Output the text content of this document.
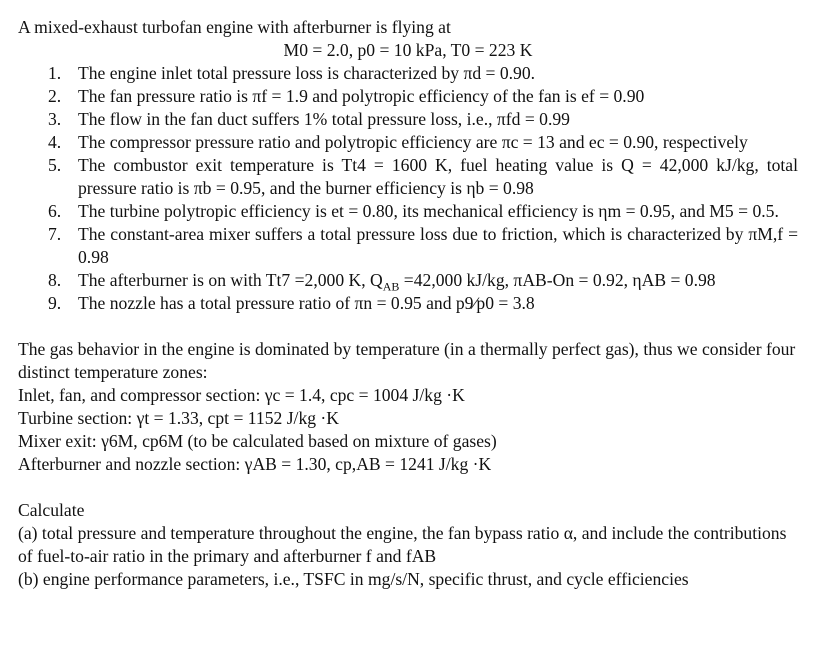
A mixed-exhaust turbofan engine with afterburner is flying at

M0 = 2.0, p0 = 10 kPa, T0 = 223 K

1. The engine inlet total pressure loss is characterized by πd = 0.90.
2. The fan pressure ratio is πf = 1.9 and polytropic efficiency of the fan is ef = 0.90
3. The flow in the fan duct suffers 1% total pressure loss, i.e., πfd = 0.99
4. The compressor pressure ratio and polytropic efficiency are πc = 13 and ec = 0.90, respectively
5. The combustor exit temperature is Tt4 = 1600 K, fuel heating value is Q = 42,000 kJ/kg, total pressure ratio is πb = 0.95, and the burner efficiency is ηb = 0.98
6. The turbine polytropic efficiency is et = 0.80, its mechanical efficiency is ηm = 0.95, and M5 = 0.5.
7. The constant-area mixer suffers a total pressure loss due to friction, which is characterized by πM,f = 0.98
8. The afterburner is on with Tt7 =2,000 K, $Q_{AB} =42,000$ kJ/kg, πAB-On = 0.92, ηAB = 0.98
9. The nozzle has a total pressure ratio of πn = 0.95 and p9∕p0 = 3.8

The gas behavior in the engine is dominated by temperature (in a thermally perfect gas), thus we consider four distinct temperature zones:

Inlet, fan, and compressor section: γc = 1.4, cpc = 1004 J/kg ·K

Turbine section: γt = 1.33, cpt = 1152 J/kg ·K

Mixer exit: γ6M, cp6M (to be calculated based on mixture of gases)

Afterburner and nozzle section: γAB = 1.30, cp,AB = 1241 J/kg ·K

Calculate

(a) total pressure and temperature throughout the engine, the fan bypass ratio α, and include the contributions of fuel-to-air ratio in the primary and afterburner f and fAB

(b) engine performance parameters, i.e., TSFC in mg/s/N, specific thrust, and cycle efficiencies
